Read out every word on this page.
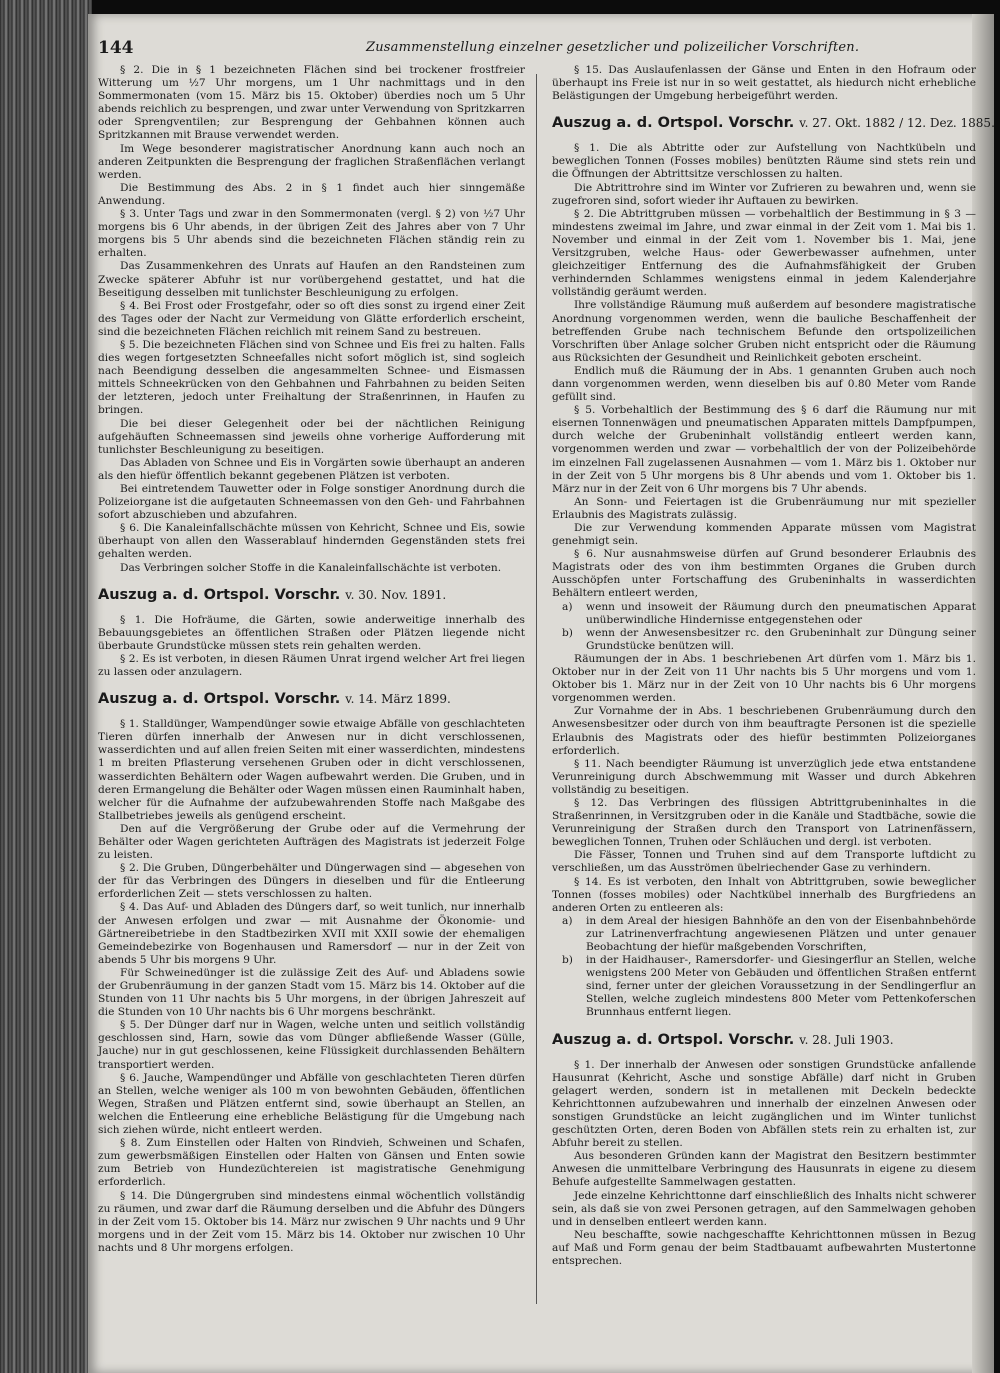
144	Zusammenstellung einzelner gesetzlicher und polizeilicher Vorschriften.

§ 2. Die in § 1 bezeichneten Flächen sind bei trockener frostfreier Witterung um ½7 Uhr morgens, um 1 Uhr nachmittags und in den Sommermonaten (vom 15. März bis 15. Oktober) überdies noch um 5 Uhr abends reichlich zu besprengen, und zwar unter Verwendung von Spritzkarren oder Sprengventilen; zur Besprengung der Gehbahnen können auch Spritzkannen mit Brause verwendet werden.

Im Wege besonderer magistratischer Anordnung kann auch noch an anderen Zeitpunkten die Besprengung der fraglichen Straßenflächen verlangt werden.

Die Bestimmung des Abs. 2 in § 1 findet auch hier sinngemäße Anwendung.

§ 3. Unter Tags und zwar in den Sommermonaten (vergl. § 2) von ½7 Uhr morgens bis 6 Uhr abends, in der übrigen Zeit des Jahres aber von 7 Uhr morgens bis 5 Uhr abends sind die bezeichneten Flächen ständig rein zu erhalten.

Das Zusammenkehren des Unrats auf Haufen an den Randsteinen zum Zwecke späterer Abfuhr ist nur vorübergehend gestattet, und hat die Beseitigung desselben mit tunlichster Beschleunigung zu erfolgen.

§ 4. Bei Frost oder Frostgefahr, oder so oft dies sonst zu irgend einer Zeit des Tages oder der Nacht zur Vermeidung von Glätte erforderlich erscheint, sind die bezeichneten Flächen reichlich mit reinem Sand zu bestreuen.

§ 5. Die bezeichneten Flächen sind von Schnee und Eis frei zu halten. Falls dies wegen fortgesetzten Schneefalles nicht sofort möglich ist, sind sogleich nach Beendigung desselben die angesammelten Schnee- und Eismassen mittels Schneekrücken von den Gehbahnen und Fahrbahnen zu beiden Seiten der letzteren, jedoch unter Freihaltung der Straßenrinnen, in Haufen zu bringen.

Die bei dieser Gelegenheit oder bei der nächtlichen Reinigung aufgehäuften Schneemassen sind jeweils ohne vorherige Aufforderung mit tunlichster Beschleunigung zu beseitigen.

Das Abladen von Schnee und Eis in Vorgärten sowie überhaupt an anderen als den hiefür öffentlich bekannt gegebenen Plätzen ist verboten.

Bei eintretendem Tauwetter oder in Folge sonstiger Anordnung durch die Polizeiorgane ist die aufgetauten Schneemassen von den Geh- und Fahrbahnen sofort abzuschieben und abzufahren.

§ 6. Die Kanaleinfallschächte müssen von Kehricht, Schnee und Eis, sowie überhaupt von allen den Wasserablauf hindernden Gegenständen stets frei gehalten werden.

Das Verbringen solcher Stoffe in die Kanaleinfallschächte ist verboten.

Auszug a. d. Ortspol. Vorschr. v. 30. Nov. 1891.

§ 1. Die Hofräume, die Gärten, sowie anderweitige innerhalb des Bebauungsgebietes an öffentlichen Straßen oder Plätzen liegende nicht überbaute Grundstücke müssen stets rein gehalten werden.

§ 2. Es ist verboten, in diesen Räumen Unrat irgend welcher Art frei liegen zu lassen oder anzulagern.

Auszug a. d. Ortspol. Vorschr. v. 14. März 1899.

§ 1. Stalldünger, Wampendünger sowie etwaige Abfälle von geschlachteten Tieren dürfen innerhalb der Anwesen nur in dicht verschlossenen, wasserdichten und auf allen freien Seiten mit einer wasserdichten, mindestens 1 m breiten Pflasterung versehenen Gruben oder in dicht verschlossenen, wasserdichten Behältern oder Wagen aufbewahrt werden. Die Gruben, und in deren Ermangelung die Behälter oder Wagen müssen einen Rauminhalt haben, welcher für die Aufnahme der aufzubewahrenden Stoffe nach Maßgabe des Stallbetriebes jeweils als genügend erscheint.

Den auf die Vergrößerung der Grube oder auf die Vermehrung der Behälter oder Wagen gerichteten Aufträgen des Magistrats ist jederzeit Folge zu leisten.

§ 2. Die Gruben, Düngerbehälter und Düngerwagen sind — abgesehen von der für das Verbringen des Düngers in dieselben und für die Entleerung erforderlichen Zeit — stets verschlossen zu halten.

§ 4. Das Auf- und Abladen des Düngers darf, so weit tunlich, nur innerhalb der Anwesen erfolgen und zwar — mit Ausnahme der Ökonomie- und Gärtnereibetriebe in den Stadtbezirken XVII mit XXII sowie der ehemaligen Gemeindebezirke von Bogenhausen und Ramersdorf — nur in der Zeit von abends 5 Uhr bis morgens 9 Uhr.

Für Schweinedünger ist die zulässige Zeit des Auf- und Abladens sowie der Grubenräumung in der ganzen Stadt vom 15. März bis 14. Oktober auf die Stunden von 11 Uhr nachts bis 5 Uhr morgens, in der übrigen Jahreszeit auf die Stunden von 10 Uhr nachts bis 6 Uhr morgens beschränkt.

§ 5. Der Dünger darf nur in Wagen, welche unten und seitlich vollständig geschlossen sind, Harn, sowie das vom Dünger abfließende Wasser (Gülle, Jauche) nur in gut geschlossenen, keine Flüssigkeit durchlassenden Behältern transportiert werden.

§ 6. Jauche, Wampendünger und Abfälle von geschlachteten Tieren dürfen an Stellen, welche weniger als 100 m von bewohnten Gebäuden, öffentlichen Wegen, Straßen und Plätzen entfernt sind, sowie überhaupt an Stellen, an welchen die Entleerung eine erhebliche Belästigung für die Umgebung nach sich ziehen würde, nicht entleert werden.

§ 8. Zum Einstellen oder Halten von Rindvieh, Schweinen und Schafen, zum gewerbsmäßigen Einstellen oder Halten von Gänsen und Enten sowie zum Betrieb von Hundezüchtereien ist magistratische Genehmigung erforderlich.

§ 14. Die Düngergruben sind mindestens einmal wöchentlich vollständig zu räumen, und zwar darf die Räumung derselben und die Abfuhr des Düngers in der Zeit vom 15. Oktober bis 14. März nur zwischen 9 Uhr nachts und 9 Uhr morgens und in der Zeit vom 15. März bis 14. Oktober nur zwischen 10 Uhr nachts und 8 Uhr morgens erfolgen.

§ 15. Das Auslaufenlassen der Gänse und Enten in den Hofraum oder überhaupt ins Freie ist nur in so weit gestattet, als hiedurch nicht erhebliche Belästigungen der Umgebung herbeigeführt werden.

Auszug a. d. Ortspol. Vorschr. v. 27. Okt. 1882 / 12. Dez. 1885.

§ 1. Die als Abtritte oder zur Aufstellung von Nachtkübeln und beweglichen Tonnen (Fosses mobiles) benützten Räume sind stets rein und die Öffnungen der Abtrittsitze verschlossen zu halten.

Die Abtrittrohre sind im Winter vor Zufrieren zu bewahren und, wenn sie zugefroren sind, sofort wieder ihr Auftauen zu bewirken.

§ 2. Die Abtrittgruben müssen — vorbehaltlich der Bestimmung in § 3 — mindestens zweimal im Jahre, und zwar einmal in der Zeit vom 1. Mai bis 1. November und einmal in der Zeit vom 1. November bis 1. Mai, jene Versitzgruben, welche Haus- oder Gewerbewasser aufnehmen, unter gleichzeitiger Entfernung des die Aufnahmsfähigkeit der Gruben verhindernden Schlammes wenigstens einmal in jedem Kalenderjahre vollständig geräumt werden.

Ihre vollständige Räumung muß außerdem auf besondere magistratische Anordnung vorgenommen werden, wenn die bauliche Beschaffenheit der betreffenden Grube nach technischem Befunde den ortspolizeilichen Vorschriften über Anlage solcher Gruben nicht entspricht oder die Räumung aus Rücksichten der Gesundheit und Reinlichkeit geboten erscheint.

Endlich muß die Räumung der in Abs. 1 genannten Gruben auch noch dann vorgenommen werden, wenn dieselben bis auf 0.80 Meter vom Rande gefüllt sind.

§ 5. Vorbehaltlich der Bestimmung des § 6 darf die Räumung nur mit eisernen Tonnenwägen und pneumatischen Apparaten mittels Dampfpumpen, durch welche der Grubeninhalt vollständig entleert werden kann, vorgenommen werden und zwar — vorbehaltlich der von der Polizeibehörde im einzelnen Fall zugelassenen Ausnahmen — vom 1. März bis 1. Oktober nur in der Zeit von 5 Uhr morgens bis 8 Uhr abends und vom 1. Oktober bis 1. März nur in der Zeit von 6 Uhr morgens bis 7 Uhr abends.

An Sonn- und Feiertagen ist die Grubenräumung nur mit spezieller Erlaubnis des Magistrats zulässig.

Die zur Verwendung kommenden Apparate müssen vom Magistrat genehmigt sein.

§ 6. Nur ausnahmsweise dürfen auf Grund besonderer Erlaubnis des Magistrats oder des von ihm bestimmten Organes die Gruben durch Ausschöpfen unter Fortschaffung des Grubeninhalts in wasserdichten Behältern entleert werden,

a) wenn und insoweit der Räumung durch den pneumatischen Apparat unüberwindliche Hindernisse entgegenstehen oder

b) wenn der Anwesensbesitzer rc. den Grubeninhalt zur Düngung seiner Grundstücke benützen will.

Räumungen der in Abs. 1 beschriebenen Art dürfen vom 1. März bis 1. Oktober nur in der Zeit von 11 Uhr nachts bis 5 Uhr morgens und vom 1. Oktober bis 1. März nur in der Zeit von 10 Uhr nachts bis 6 Uhr morgens vorgenommen werden.

Zur Vornahme der in Abs. 1 beschriebenen Grubenräumung durch den Anwesensbesitzer oder durch von ihm beauftragte Personen ist die spezielle Erlaubnis des Magistrats oder des hiefür bestimmten Polizeiorganes erforderlich.

§ 11. Nach beendigter Räumung ist unverzüglich jede etwa entstandene Verunreinigung durch Abschwemmung mit Wasser und durch Abkehren vollständig zu beseitigen.

§ 12. Das Verbringen des flüssigen Abtrittgrubeninhaltes in die Straßenrinnen, in Versitzgruben oder in die Kanäle und Stadtbäche, sowie die Verunreinigung der Straßen durch den Transport von Latrinenfässern, beweglichen Tonnen, Truhen oder Schläuchen und dergl. ist verboten.

Die Fässer, Tonnen und Truhen sind auf dem Transporte luftdicht zu verschließen, um das Ausströmen übelriechender Gase zu verhindern.

§ 14. Es ist verboten, den Inhalt von Abtrittgruben, sowie beweglicher Tonnen (fosses mobiles) oder Nachtkübel innerhalb des Burgfriedens an anderen Orten zu entleeren als:

a) in dem Areal der hiesigen Bahnhöfe an den von der Eisenbahnbehörde zur Latrinenverfrachtung angewiesenen Plätzen und unter genauer Beobachtung der hiefür maßgebenden Vorschriften,

b) in der Haidhauser-, Ramersdorfer- und Giesingerflur an Stellen, welche wenigstens 200 Meter von Gebäuden und öffentlichen Straßen entfernt sind, ferner unter der gleichen Voraussetzung in der Sendlingerflur an Stellen, welche zugleich mindestens 800 Meter vom Pettenkoferschen Brunnhaus entfernt liegen.

Auszug a. d. Ortspol. Vorschr. v. 28. Juli 1903.

§ 1. Der innerhalb der Anwesen oder sonstigen Grundstücke anfallende Hausunrat (Kehricht, Asche und sonstige Abfälle) darf nicht in Gruben gelagert werden, sondern ist in metallenen mit Deckeln bedeckte Kehrichttonnen aufzubewahren und innerhalb der einzelnen Anwesen oder sonstigen Grundstücke an leicht zugänglichen und im Winter tunlichst geschützten Orten, deren Boden von Abfällen stets rein zu erhalten ist, zur Abfuhr bereit zu stellen.

Aus besonderen Gründen kann der Magistrat den Besitzern bestimmter Anwesen die unmittelbare Verbringung des Hausunrats in eigene zu diesem Behufe aufgestellte Sammelwagen gestatten.

Jede einzelne Kehrichttonne darf einschließlich des Inhalts nicht schwerer sein, als daß sie von zwei Personen getragen, auf den Sammelwagen gehoben und in denselben entleert werden kann.

Neu beschaffte, sowie nachgeschaffte Kehrichttonnen müssen in Bezug auf Maß und Form genau der beim Stadtbauamt aufbewahrten Mustertonne entsprechen.
